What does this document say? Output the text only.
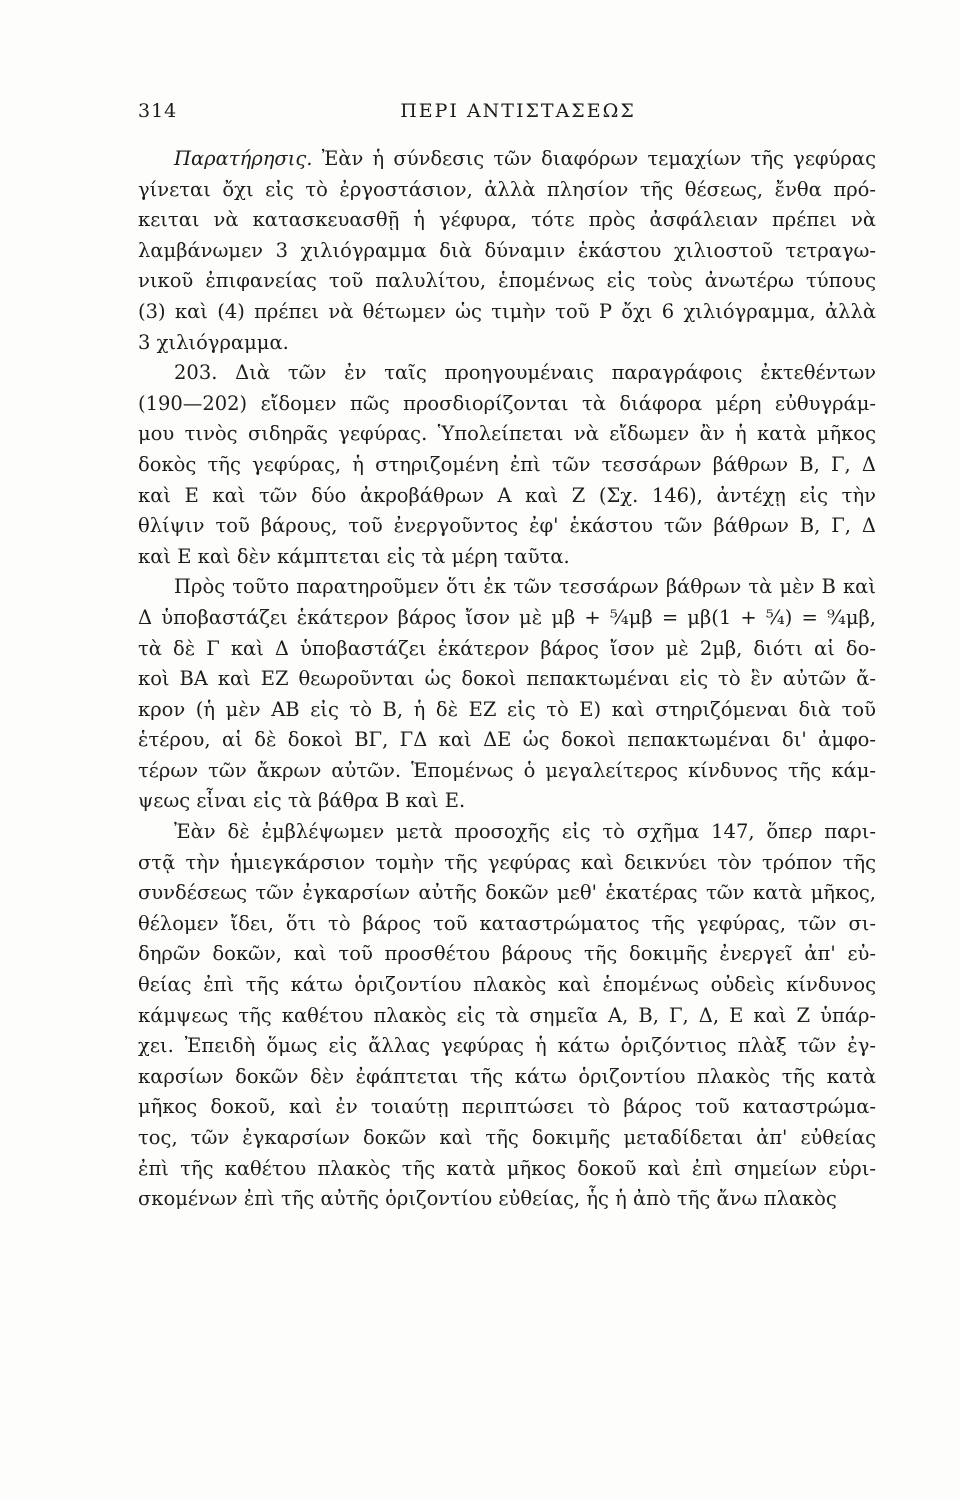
314	ΠΕΡΙ ΑΝΤΙΣΤΑΣΕΩΣ

Παρατήρησις. Ἐὰν ἡ σύνδεσις τῶν διαφόρων τεμαχίων τῆς γεφύρας
γίνεται ὄχι εἰς τὸ ἐργοστάσιον, ἀλλὰ πλησίον τῆς θέσεως, ἔνθα πρό-
κειται νὰ κατασκευασθῇ ἡ γέφυρα, τότε πρὸς ἀσφάλειαν πρέπει νὰ
λαμβάνωμεν 3 χιλιόγραμμα διὰ δύναμιν ἑκάστου χιλιοστοῦ τετραγω-
νικοῦ ἐπιφανείας τοῦ παλυλίτου, ἑπομένως εἰς τοὺς ἀνωτέρω τύπους
(3) καὶ (4) πρέπει νὰ θέτωμεν ὡς τιμὴν τοῦ P ὄχι 6 χιλιόγραμμα, ἀλλὰ
3 χιλιόγραμμα.

203. Διὰ τῶν ἐν ταῖς προηγουμέναις παραγράφοις ἐκτεθέντων
(190—202) εἴδομεν πῶς προσδιορίζονται τὰ διάφορα μέρη εὐθυγράμ-
μου τινὸς σιδηρᾶς γεφύρας. Ὑπολείπεται νὰ εἴδωμεν ἂν ἡ κατὰ μῆκος
δοκὸς τῆς γεφύρας, ἡ στηριζομένη ἐπὶ τῶν τεσσάρων βάθρων B, Γ, Δ
καὶ E καὶ τῶν δύο ἀκροβάθρων A καὶ Z (Σχ. 146), ἀντέχῃ εἰς τὴν
θλίψιν τοῦ βάρους, τοῦ ἐνεργοῦντος ἐφ' ἑκάστου τῶν βάθρων B, Γ, Δ
καὶ E καὶ δὲν κάμπτεται εἰς τὰ μέρη ταῦτα.

Πρὸς τοῦτο παρατηροῦμεν ὅτι ἐκ τῶν τεσσάρων βάθρων τὰ μὲν B καὶ
Δ ὑποβαστάζει ἑκάτερον βάρος ἴσον μὲ μβ + ⁵⁄₄μβ = μβ(1 + ⁵⁄₄) = ⁹⁄₄μβ,
τὰ δὲ Γ καὶ Δ ὑποβαστάζει ἑκάτερον βάρος ἴσον μὲ 2μβ, διότι αἱ δο-
κοὶ BA καὶ EZ θεωροῦνται ὡς δοκοὶ πεπακτωμέναι εἰς τὸ ἓν αὐτῶν ἄ-
κρον (ἡ μὲν AB εἰς τὸ B, ἡ δὲ EZ εἰς τὸ E) καὶ στηριζόμεναι διὰ τοῦ
ἑτέρου, αἱ δὲ δοκοὶ BΓ, ΓΔ καὶ ΔE ὡς δοκοὶ πεπακτωμέναι δι' ἀμφο-
τέρων τῶν ἄκρων αὐτῶν. Ἑπομένως ὁ μεγαλείτερος κίνδυνος τῆς κάμ-
ψεως εἶναι εἰς τὰ βάθρα B καὶ E.

Ἐὰν δὲ ἐμβλέψωμεν μετὰ προσοχῆς εἰς τὸ σχῆμα 147, ὅπερ παρι-
στᾷ τὴν ἡμιεγκάρσιον τομὴν τῆς γεφύρας καὶ δεικνύει τὸν τρόπον τῆς
συνδέσεως τῶν ἐγκαρσίων αὐτῆς δοκῶν μεθ' ἑκατέρας τῶν κατὰ μῆκος,
θέλομεν ἴδει, ὅτι τὸ βάρος τοῦ καταστρώματος τῆς γεφύρας, τῶν σι-
δηρῶν δοκῶν, καὶ τοῦ προσθέτου βάρους τῆς δοκιμῆς ἐνεργεῖ ἀπ' εὐ-
θείας ἐπὶ τῆς κάτω ὁριζοντίου πλακὸς καὶ ἑπομένως οὐδεὶς κίνδυνος
κάμψεως τῆς καθέτου πλακὸς εἰς τὰ σημεῖα A, B, Γ, Δ, E καὶ Z ὑπάρ-
χει. Ἐπειδὴ ὅμως εἰς ἄλλας γεφύρας ἡ κάτω ὁριζόντιος πλὰξ τῶν ἐγ-
καρσίων δοκῶν δὲν ἐφάπτεται τῆς κάτω ὁριζοντίου πλακὸς τῆς κατὰ
μῆκος δοκοῦ, καὶ ἐν τοιαύτῃ περιπτώσει τὸ βάρος τοῦ καταστρώμα-
τος, τῶν ἐγκαρσίων δοκῶν καὶ τῆς δοκιμῆς μεταδίδεται ἀπ' εὐθείας
ἐπὶ τῆς καθέτου πλακὸς τῆς κατὰ μῆκος δοκοῦ καὶ ἐπὶ σημείων εὑρι-
σκομένων ἐπὶ τῆς αὐτῆς ὁριζοντίου εὐθείας, ἧς ἡ ἀπὸ τῆς ἄνω πλακὸς
